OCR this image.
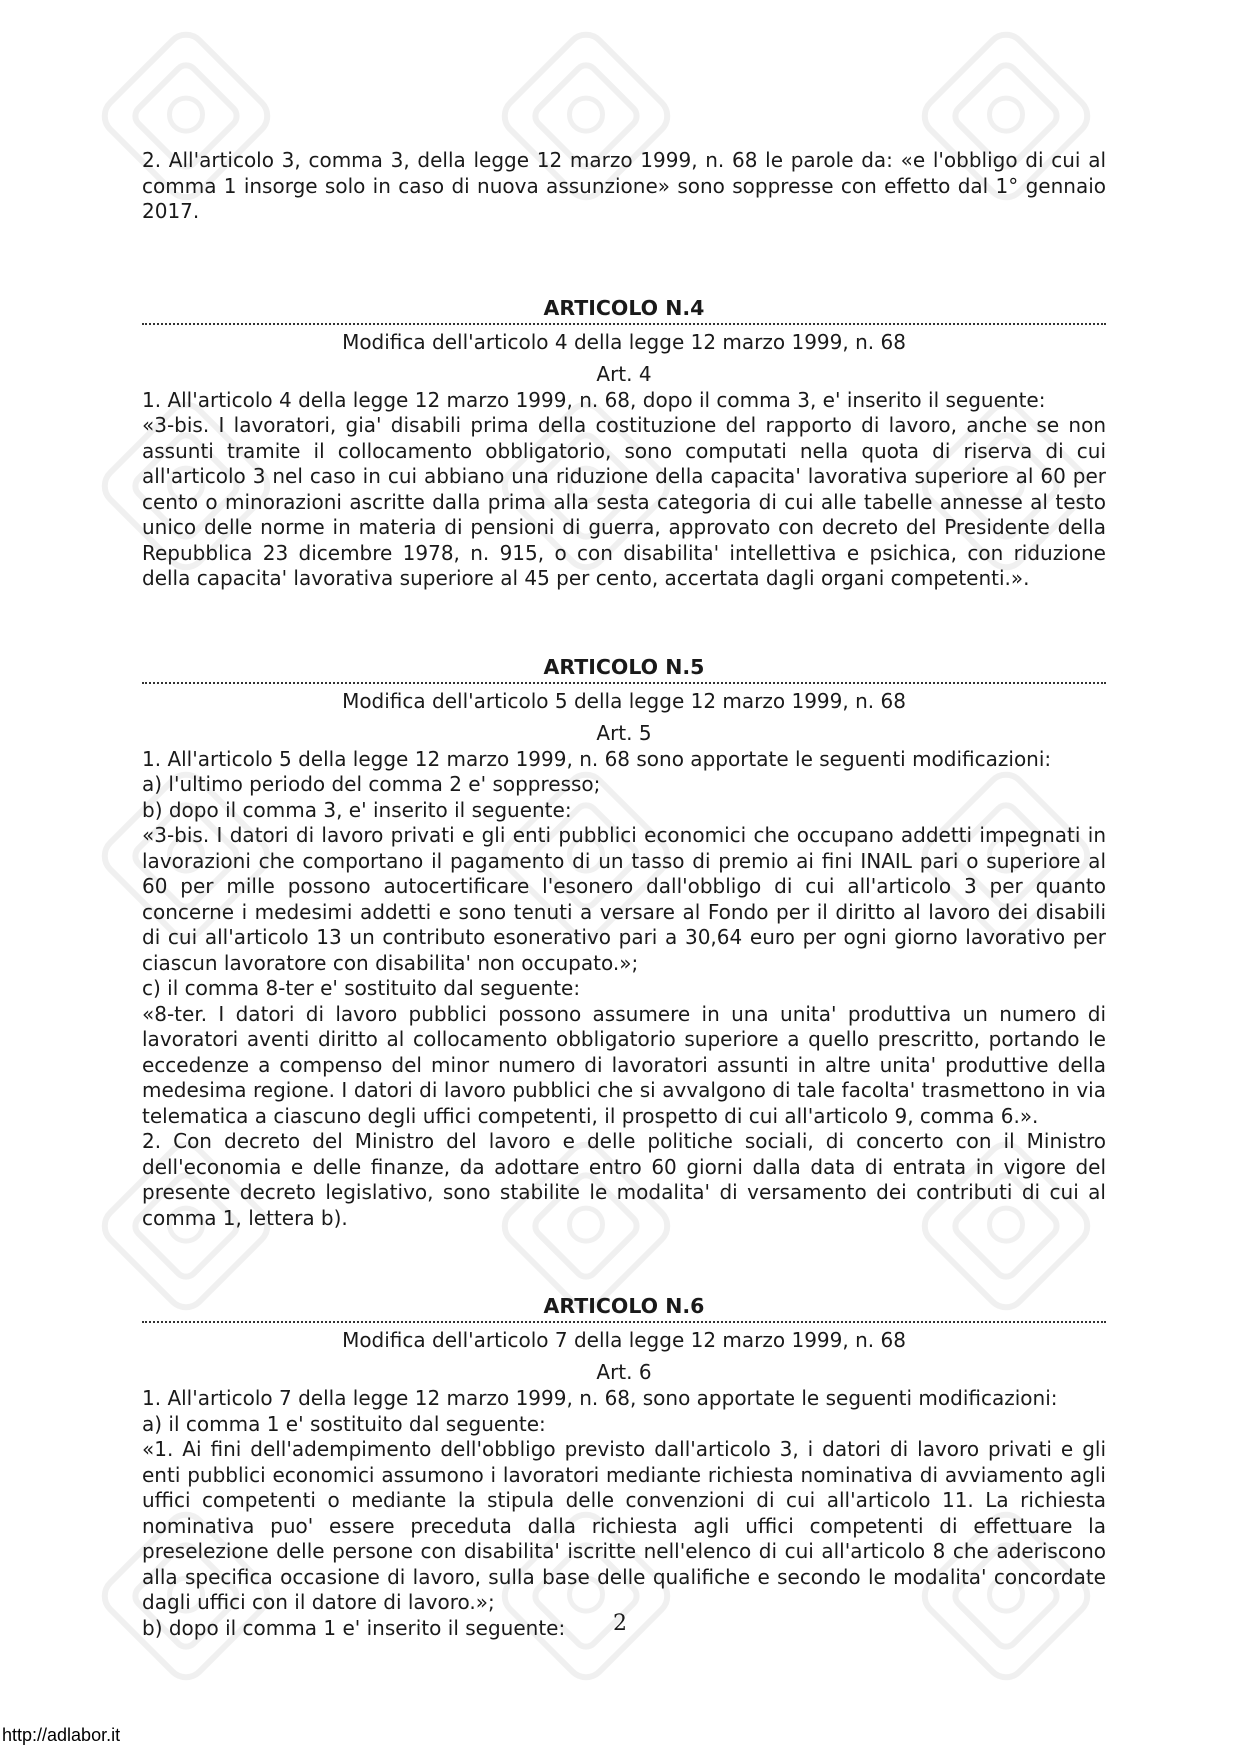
2. All'articolo 3, comma 3, della legge 12 marzo 1999, n. 68 le parole da: «e l'obbligo di cui al comma 1 insorge solo in caso di nuova assunzione» sono soppresse con effetto dal 1° gennaio 2017.

ARTICOLO N.4
Modifica dell'articolo 4 della legge 12 marzo 1999, n. 68
Art. 4

1. All'articolo 4 della legge 12 marzo 1999, n. 68, dopo il comma 3, e' inserito il seguente:

«3-bis. I lavoratori, gia' disabili prima della costituzione del rapporto di lavoro, anche se non assunti tramite il collocamento obbligatorio, sono computati nella quota di riserva di cui all'articolo 3 nel caso in cui abbiano una riduzione della capacita' lavorativa superiore al 60 per cento o minorazioni ascritte dalla prima alla sesta categoria di cui alle tabelle annesse al testo unico delle norme in materia di pensioni di guerra, approvato con decreto del Presidente della Repubblica 23 dicembre 1978, n. 915, o con disabilita' intellettiva e psichica, con riduzione della capacita' lavorativa superiore al 45 per cento, accertata dagli organi competenti.».

ARTICOLO N.5
Modifica dell'articolo 5 della legge 12 marzo 1999, n. 68
Art. 5

1. All'articolo 5 della legge 12 marzo 1999, n. 68 sono apportate le seguenti modificazioni:

a) l'ultimo periodo del comma 2 e' soppresso;

b) dopo il comma 3, e' inserito il seguente:

«3-bis. I datori di lavoro privati e gli enti pubblici economici che occupano addetti impegnati in lavorazioni che comportano il pagamento di un tasso di premio ai fini INAIL pari o superiore al 60 per mille possono autocertificare l'esonero dall'obbligo di cui all'articolo 3 per quanto concerne i medesimi addetti e sono tenuti a versare al Fondo per il diritto al lavoro dei disabili di cui all'articolo 13 un contributo esonerativo pari a 30,64 euro per ogni giorno lavorativo per ciascun lavoratore con disabilita' non occupato.»;

c) il comma 8-ter e' sostituito dal seguente:

«8-ter. I datori di lavoro pubblici possono assumere in una unita' produttiva un numero di lavoratori aventi diritto al collocamento obbligatorio superiore a quello prescritto, portando le eccedenze a compenso del minor numero di lavoratori assunti in altre unita' produttive della medesima regione. I datori di lavoro pubblici che si avvalgono di tale facolta' trasmettono in via telematica a ciascuno degli uffici competenti, il prospetto di cui all'articolo 9, comma 6.».

2. Con decreto del Ministro del lavoro e delle politiche sociali, di concerto con il Ministro dell'economia e delle finanze, da adottare entro 60 giorni dalla data di entrata in vigore del presente decreto legislativo, sono stabilite le modalita' di versamento dei contributi di cui al comma 1, lettera b).

ARTICOLO N.6
Modifica dell'articolo 7 della legge 12 marzo 1999, n. 68
Art. 6

1. All'articolo 7 della legge 12 marzo 1999, n. 68, sono apportate le seguenti modificazioni:

a) il comma 1 e' sostituito dal seguente:

«1. Ai fini dell'adempimento dell'obbligo previsto dall'articolo 3, i datori di lavoro privati e gli enti pubblici economici assumono i lavoratori mediante richiesta nominativa di avviamento agli uffici competenti o mediante la stipula delle convenzioni di cui all'articolo 11. La richiesta nominativa puo' essere preceduta dalla richiesta agli uffici competenti di effettuare la preselezione delle persone con disabilita' iscritte nell'elenco di cui all'articolo 8 che aderiscono alla specifica occasione di lavoro, sulla base delle qualifiche e secondo le modalita' concordate dagli uffici con il datore di lavoro.»;

b) dopo il comma 1 e' inserito il seguente:	2
http://adlabor.it
